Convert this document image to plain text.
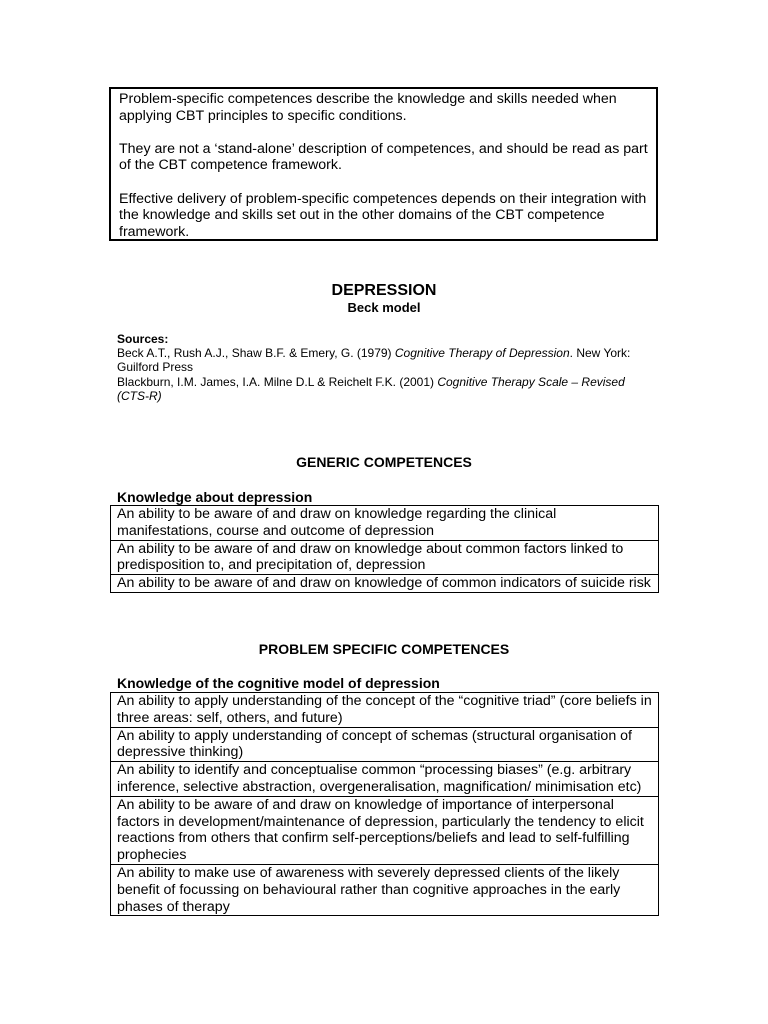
Problem-specific competences describe the knowledge and skills needed when applying CBT principles to specific conditions.

They are not a ‘stand-alone’ description of competences, and should be read as part of the CBT competence framework.

Effective delivery of problem-specific competences depends on their integration with the knowledge and skills set out in the other domains of the CBT competence framework.

DEPRESSION
Beck model
Sources:
Beck A.T., Rush A.J., Shaw B.F. & Emery, G. (1979) Cognitive Therapy of Depression. New York: Guilford Press
Blackburn, I.M. James, I.A. Milne D.L & Reichelt F.K. (2001) Cognitive Therapy Scale – Revised (CTS-R)
GENERIC COMPETENCES
Knowledge about depression
An ability to be aware of and draw on knowledge regarding the clinical manifestations, course and outcome of depression
An ability to be aware of and draw on knowledge about common factors linked to predisposition to, and precipitation of, depression
An ability to be aware of and draw on knowledge of common indicators of suicide risk
PROBLEM SPECIFIC COMPETENCES
Knowledge of the cognitive model of depression
An ability to apply understanding of the concept of the “cognitive triad” (core beliefs in three areas: self, others, and future)
An ability to apply understanding of concept of schemas (structural organisation of depressive thinking)
An ability to identify and conceptualise common “processing biases” (e.g. arbitrary inference, selective abstraction, overgeneralisation, magnification/ minimisation etc)
An ability to be aware of and draw on knowledge of importance of interpersonal factors in development/maintenance of depression, particularly the tendency to elicit reactions from others that confirm self-perceptions/beliefs and lead to self-fulfilling prophecies
An ability to make use of awareness with severely depressed clients of the likely benefit of focussing on behavioural rather than cognitive approaches in the early phases of therapy
